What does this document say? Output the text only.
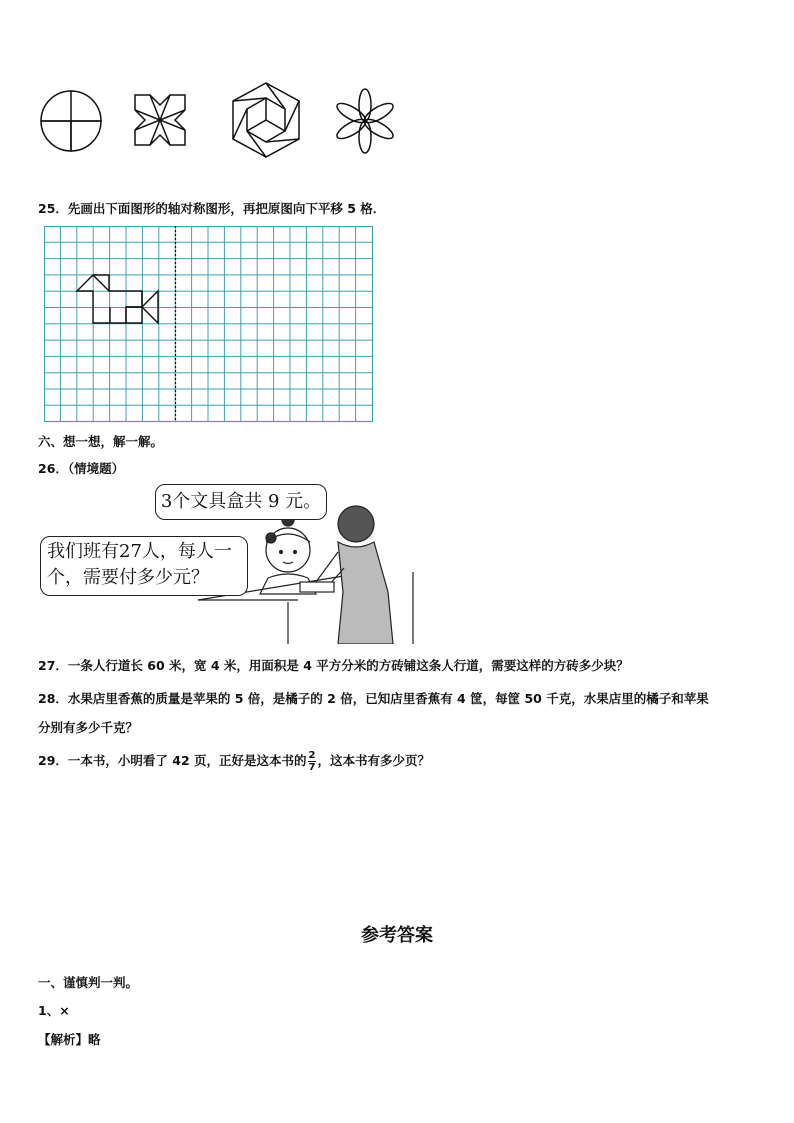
25．先画出下面图形的轴对称图形，再把原图向下平移 5 格．
六、想一想，解一解。
26．（情境题）
3个文具盒共 9 元。
我们班有27人，每人一
个，需要付多少元？
27．一条人行道长 60 米，宽 4 米，用面积是 4 平方分米的方砖铺这条人行道，需要这样的方砖多少块？
28．水果店里香蕉的质量是苹果的 5 倍，是橘子的 2 倍，已知店里香蕉有 4 筐，每筐 50 千克，水果店里的橘子和苹果
分别有多少千克？
29．一本书，小明看了 42 页，正好是这本书的 $\frac{2}{7}$ ，这本书有多少页？
参考答案
一、谨慎判一判。
1、×
【解析】略
